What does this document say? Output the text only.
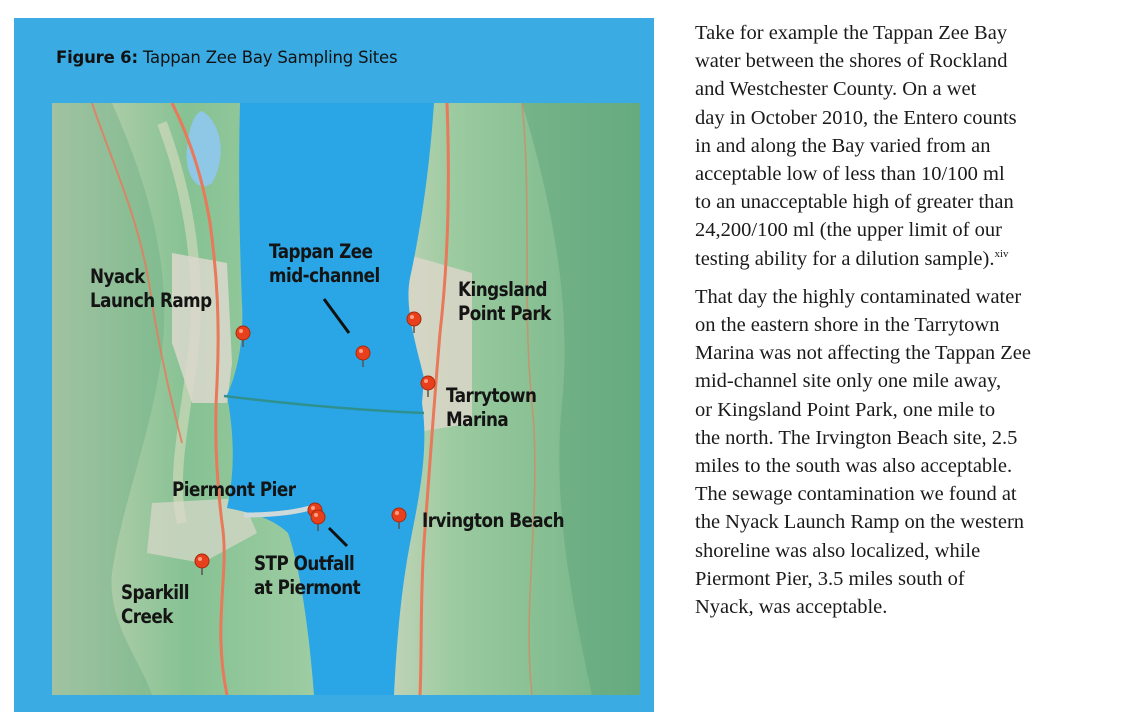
Figure 6: Tappan Zee Bay Sampling Sites
Nyack
Launch Ramp
Tappan Zee
mid-channel
Kingsland
Point Park
Tarrytown
Marina
Piermont Pier
Irvington Beach
STP Outfall
at Piermont
Sparkill
Creek

Take for example the Tappan Zee Bay
water between the shores of Rockland
and Westchester County. On a wet
day in October 2010, the Entero counts
in and along the Bay varied from an
acceptable low of less than 10/100 ml
to an unacceptable high of greater than
24,200/100 ml (the upper limit of our
testing ability for a dilution sample).$^{xiv}$

That day the highly contaminated water
on the eastern shore in the Tarrytown
Marina was not affecting the Tappan Zee
mid-channel site only one mile away,
or Kingsland Point Park, one mile to
the north. The Irvington Beach site, 2.5
miles to the south was also acceptable.
The sewage contamination we found at
the Nyack Launch Ramp on the western
shoreline was also localized, while
Piermont Pier, 3.5 miles south of
Nyack, was acceptable.
